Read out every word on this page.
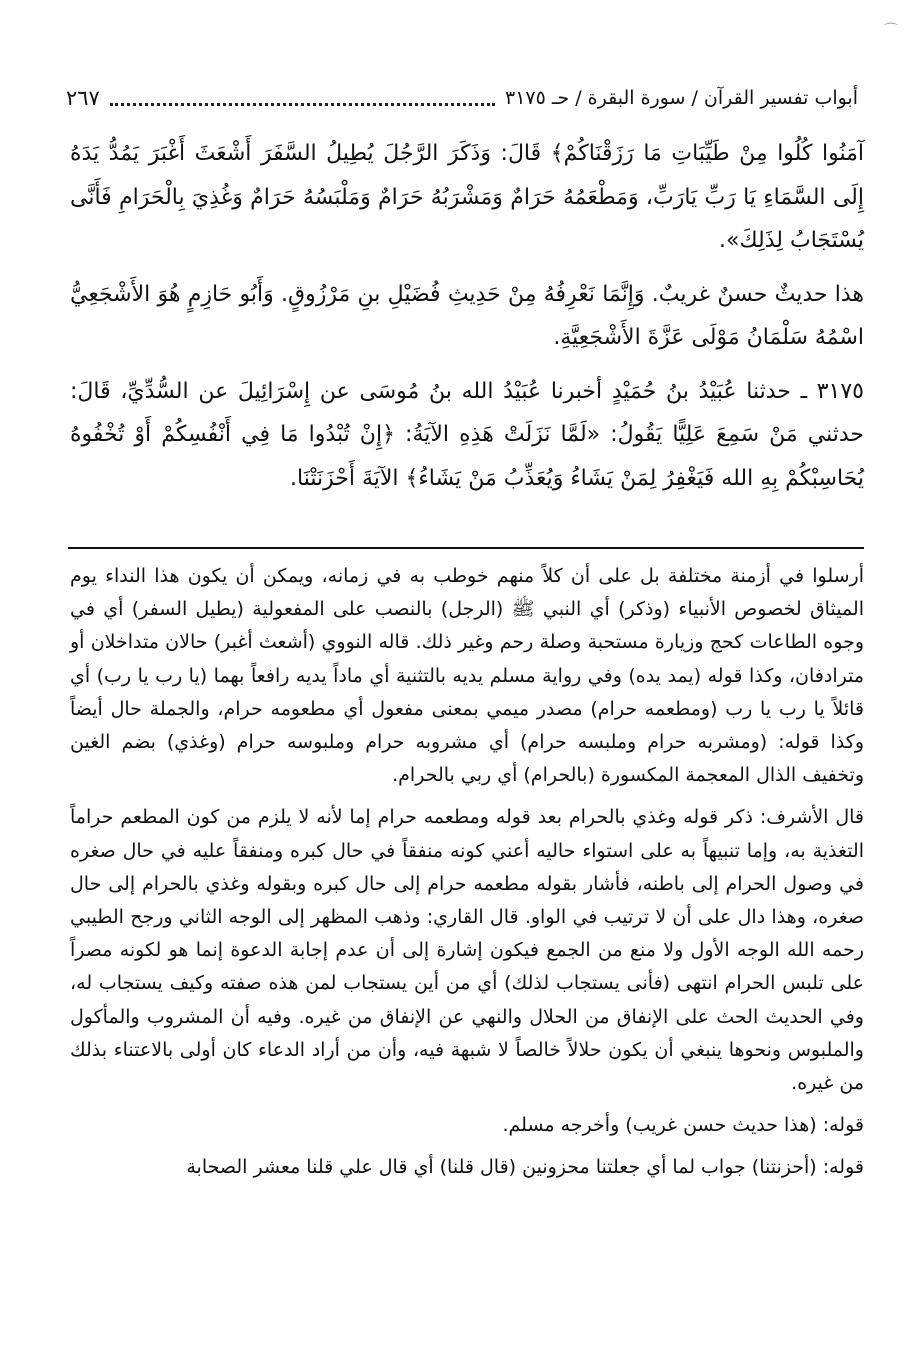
⌒
أبواب تفسير القرآن / سورة البقرة / حـ ٣١٧٥
٢٦٧

آمَنُوا كُلُوا مِنْ طَيِّبَاتِ مَا رَزَقْنَاكُمْ﴾ قَالَ: وَذَكَرَ الرَّجُلَ يُطِيلُ السَّفَرَ أَشْعَثَ أَغْبَرَ يَمُدُّ يَدَهُ إِلَى السَّمَاءِ يَا رَبِّ يَارَبِّ، وَمَطْعَمُهُ حَرَامٌ وَمَشْرَبُهُ حَرَامٌ وَمَلْبَسُهُ حَرَامٌ وَغُذِيَ بِالْحَرَامِ فَأَنَّى يُسْتَجَابُ لِذَلِكَ».

هذا حديثٌ حسنٌ غريبٌ. وَإِنَّمَا نَعْرِفُهُ مِنْ حَدِيثِ فُضَيْلِ بنِ مَرْزُوقٍ. وَأَبُو حَازِمٍ هُوَ الأَشْجَعِيُّ اسْمُهُ سَلْمَانُ مَوْلَى عَزَّةَ الأَشْجَعِيَّةِ.

٣١٧٥ ـ حدثنا عُبَيْدُ بنُ حُمَيْدٍ أخبرنا عُبَيْدُ الله بنُ مُوسَى عن إِسْرَائِيلَ عن السُّدِّيِّ، قَالَ: حدثني مَنْ سَمِعَ عَلِيًّا يَقُولُ: «لَمَّا نَزَلَتْ هَذِهِ الآيَةُ: ﴿إِنْ تُبْدُوا مَا فِي أَنْفُسِكُمْ أَوْ تُخْفُوهُ يُحَاسِبْكُمْ بِهِ الله فَيَغْفِرُ لِمَنْ يَشَاءُ وَيُعَذِّبُ مَنْ يَشَاءُ﴾ الآيَةَ أَحْزَنَتْنَا.

أرسلوا في أزمنة مختلفة بل على أن كلاً منهم خوطب به في زمانه، ويمكن أن يكون هذا النداء يوم الميثاق لخصوص الأنبياء (وذكر) أي النبي ﷺ (الرجل) بالنصب على المفعولية (يطيل السفر) أي في وجوه الطاعات كحج وزيارة مستحبة وصلة رحم وغير ذلك. قاله النووي (أشعث أغبر) حالان متداخلان أو مترادفان، وكذا قوله (يمد يده) وفي رواية مسلم يديه بالتثنية أي ماداً يديه رافعاً بهما (يا رب يا رب) أي قائلاً يا رب يا رب (ومطعمه حرام) مصدر ميمي بمعنى مفعول أي مطعومه حرام، والجملة حال أيضاً وكذا قوله: (ومشربه حرام وملبسه حرام) أي مشروبه حرام وملبوسه حرام (وغذي) بضم الغين وتخفيف الذال المعجمة المكسورة (بالحرام) أي ربي بالحرام.

قال الأشرف: ذكر قوله وغذي بالحرام بعد قوله ومطعمه حرام إما لأنه لا يلزم من كون المطعم حراماً التغذية به، وإما تنبيهاً به على استواء حاليه أعني كونه منفقاً في حال كبره ومنفقاً عليه في حال صغره في وصول الحرام إلى باطنه، فأشار بقوله مطعمه حرام إلى حال كبره وبقوله وغذي بالحرام إلى حال صغره، وهذا دال على أن لا ترتيب في الواو. قال القاري: وذهب المظهر إلى الوجه الثاني ورجح الطيبي رحمه الله الوجه الأول ولا منع من الجمع فيكون إشارة إلى أن عدم إجابة الدعوة إنما هو لكونه مصراً على تلبس الحرام انتهى (فأنى يستجاب لذلك) أي من أين يستجاب لمن هذه صفته وكيف يستجاب له، وفي الحديث الحث على الإنفاق من الحلال والنهي عن الإنفاق من غيره. وفيه أن المشروب والمأكول والملبوس ونحوها ينبغي أن يكون حلالاً خالصاً لا شبهة فيه، وأن من أراد الدعاء كان أولى بالاعتناء بذلك من غيره.

قوله: (هذا حديث حسن غريب) وأخرجه مسلم.

قوله: (أحزنتنا) جواب لما أي جعلتنا محزونين (قال قلنا) أي قال علي قلنا معشر الصحابة
